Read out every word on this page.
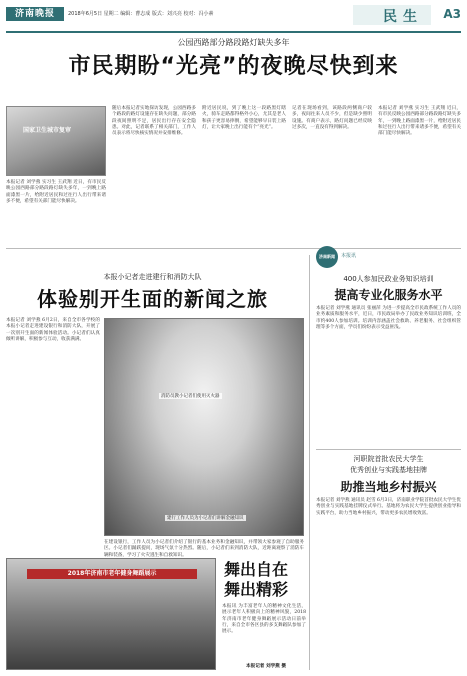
济南晚报	2018年6月5日 星期二 编辑：曹志成 版式：刘兴亮 校对：冯小素	民生 A3
公园西路部分路段路灯缺失多年
市民期盼“光亮”的夜晚尽快到来
国家卫生城市复审
本报记者 刘学燕 实习生 王武翔 近日，有市民反映公园西路部分路段路灯缺失多年，一到晚上路面漆黑一片，给附近居民和过往行人出行带来诸多不便，希望有关部门能尽快解决。
随后本报记者实地探访发现，公园西路多个路段的路灯设施存在缺失问题，部分路段夜间照明不足，居民出行存在安全隐患。对此，记者联系了相关部门，工作人员表示将尽快核实情况并安排维修。
附近居民说，到了晚上这一段路黑灯瞎火，骑车走路都得格外小心，尤其是老人和孩子更容易摔倒，希望能够早日装上路灯，让大家晚上出行能有个“亮光”。
记者在现场看到，该路段两侧商户较多，夜间往来人员不少，但是缺少照明设施。有商户表示，路灯问题已经反映过多次，一直没有得到解决。
本报记者 刘学燕 实习生 王武翔 近日，有市民反映公园西路部分路段路灯缺失多年，一到晚上路面漆黑一片，给附近居民和过往行人出行带来诸多不便，希望有关部门能尽快解决。
本报小记者走进建行和消防大队
体验别开生面的新闻之旅
本报记者 刘学燕 6月2日，来自全市各学校的本报小记者走进建设银行和消防大队，开展了一次别开生面的新闻体验活动。小记者们认真倾听讲解，积极参与互动，收获满满。
消防员教小记者们使用灭火器
建行工作人员为小记者们讲解金融知识
在建设银行，工作人员为小记者们介绍了银行的基本业务和金融知识，并带领大家参观了自助服务区。小记者们踊跃提问，现场气氛十分热烈。随后，小记者们来到消防大队，近距离观察了消防车辆和装备，学习了火灾逃生和自救知识。
2018年济南市老年健身舞蹈展示	舞出自在
舞出精彩
本报讯 为丰富老年人的精神文化生活，展示老年人积极向上的精神风貌，2018年济南市老年健身舞蹈展示活动日前举行，来自全市各区县的多支舞蹈队参加了展示。
本报记者 刘学燕 摄
济南新闻	本报讯
400人参加民政业务知识培训
提高专业化服务水平
本报记者 刘学燕 通讯员 张丽萍 为进一步提高全市民政系统工作人员的业务素质和服务水平，近日，市民政局举办了民政业务知识培训班，全市约400人参加培训。培训内容涵盖社会救助、养老服务、社会组织管理等多个方面，学员们纷纷表示受益匪浅。
河职院首批农民大学生
优秀创业与实践基地挂牌
助推当地乡村振兴
本报记者 刘学燕 通讯员 赵雪 6月3日，济南职业学院首批农民大学生优秀创业与实践基地挂牌仪式举行。基地将为农民大学生提供创业指导和实践平台，助力当地乡村振兴，带动更多农民增收致富。
